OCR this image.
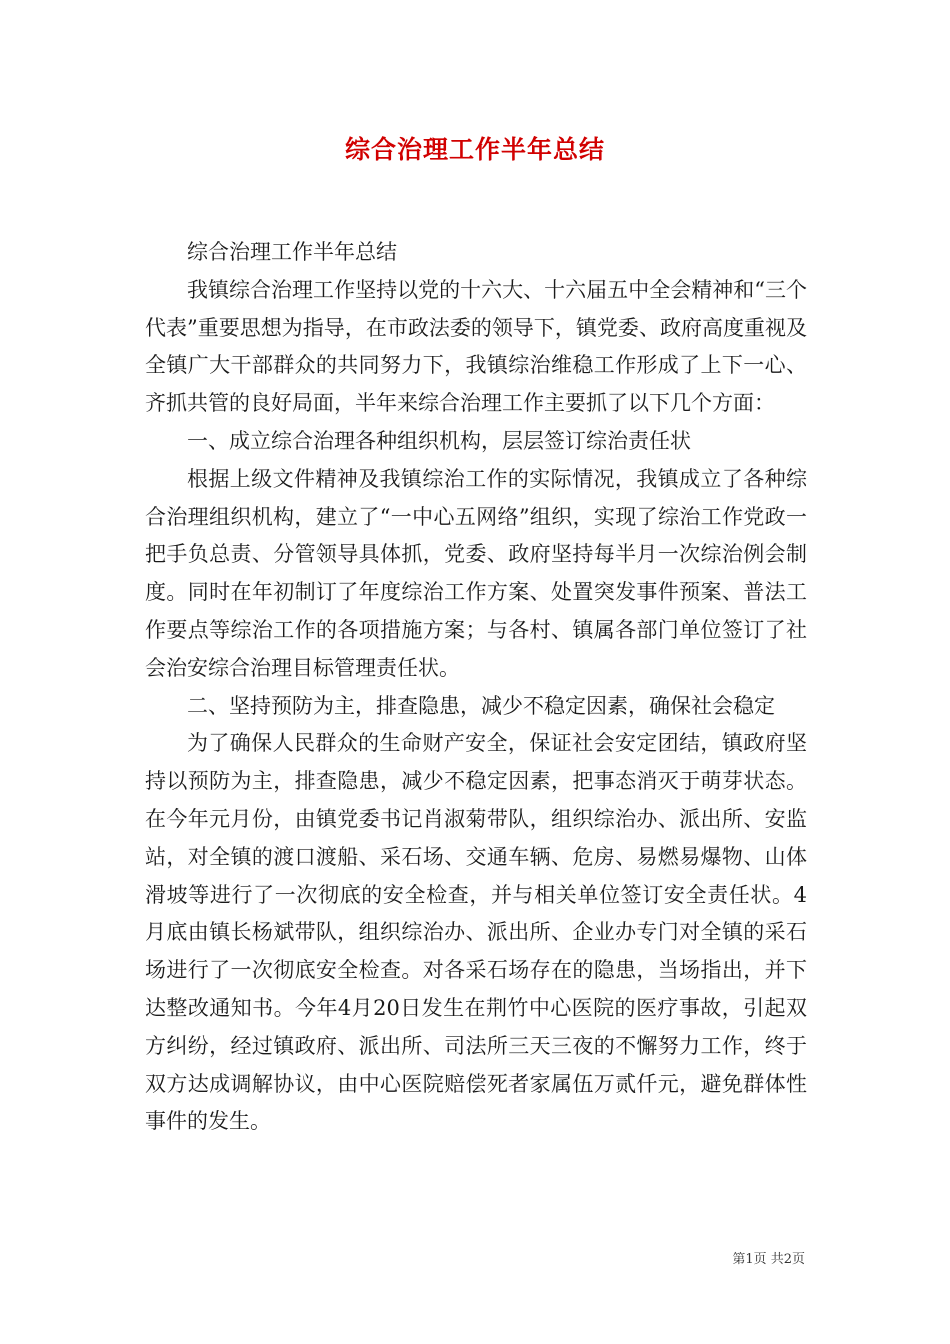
综合治理工作半年总结

综合治理工作半年总结

我镇综合治理工作坚持以党的十六大、十六届五中全会精神和“三个代表”重要思想为指导，在市政法委的领导下，镇党委、政府高度重视及全镇广大干部群众的共同努力下，我镇综治维稳工作形成了上下一心、齐抓共管的良好局面，半年来综合治理工作主要抓了以下几个方面：

一、成立综合治理各种组织机构，层层签订综治责任状

根据上级文件精神及我镇综治工作的实际情况，我镇成立了各种综合治理组织机构，建立了“一中心五网络”组织，实现了综治工作党政一把手负总责、分管领导具体抓，党委、政府坚持每半月一次综治例会制度。同时在年初制订了年度综治工作方案、处置突发事件预案、普法工作要点等综治工作的各项措施方案；与各村、镇属各部门单位签订了社会治安综合治理目标管理责任状。

二、坚持预防为主，排查隐患，减少不稳定因素，确保社会稳定

为了确保人民群众的生命财产安全，保证社会安定团结，镇政府坚持以预防为主，排查隐患，减少不稳定因素，把事态消灭于萌芽状态。在今年元月份，由镇党委书记肖淑菊带队，组织综治办、派出所、安监站，对全镇的渡口渡船、采石场、交通车辆、危房、易燃易爆物、山体滑坡等进行了一次彻底的安全检查，并与相关单位签订安全责任状。4月底由镇长杨斌带队，组织综治办、派出所、企业办专门对全镇的采石场进行了一次彻底安全检查。对各采石场存在的隐患，当场指出，并下达整改通知书。今年4月20日发生在荆竹中心医院的医疗事故，引起双方纠纷，经过镇政府、派出所、司法所三天三夜的不懈努力工作，终于双方达成调解协议，由中心医院赔偿死者家属伍万贰仟元，避免群体性事件的发生。

第1页 共2页
